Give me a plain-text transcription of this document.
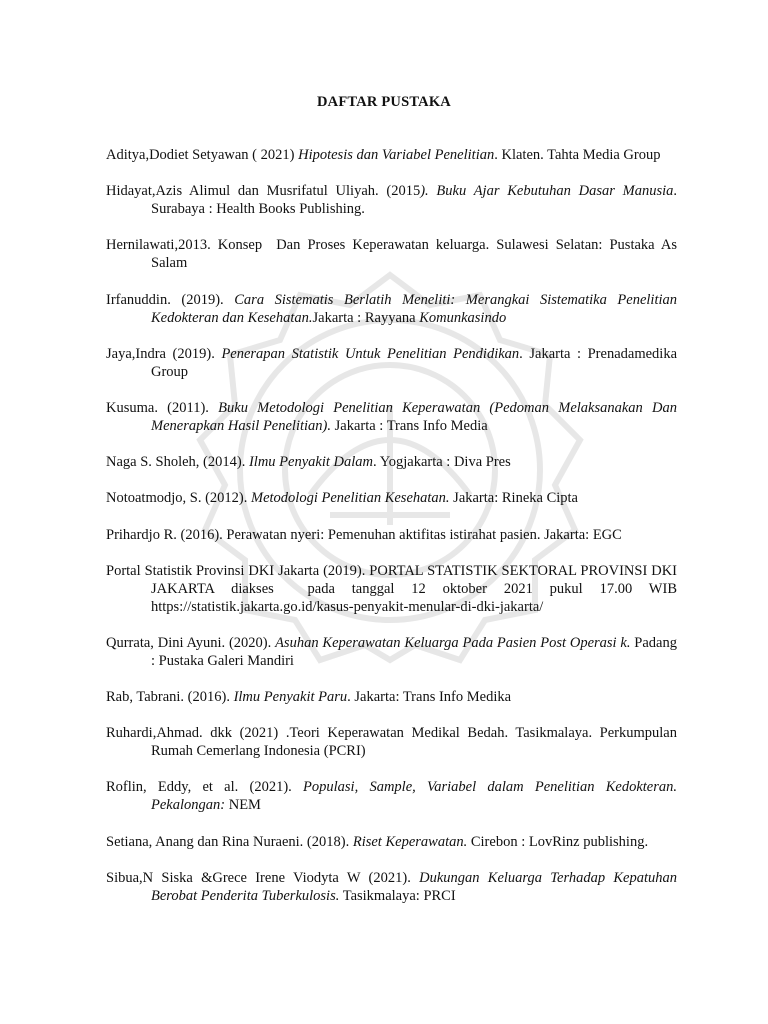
DAFTAR PUSTAKA
Aditya,Dodiet Setyawan ( 2021) Hipotesis dan Variabel Penelitian. Klaten. Tahta Media Group
Hidayat,Azis Alimul dan Musrifatul Uliyah. (2015). Buku Ajar Kebutuhan Dasar Manusia. Surabaya : Health Books Publishing.
Hernilawati,2013. Konsep  Dan Proses Keperawatan keluarga. Sulawesi Selatan: Pustaka As Salam
Irfanuddin. (2019). Cara Sistematis Berlatih Meneliti: Merangkai Sistematika Penelitian Kedokteran dan Kesehatan.Jakarta : Rayyana Komunkasindo
Jaya,Indra (2019). Penerapan Statistik Untuk Penelitian Pendidikan. Jakarta : Prenadamedika Group
Kusuma. (2011). Buku Metodologi Penelitian Keperawatan (Pedoman Melaksanakan Dan Menerapkan Hasil Penelitian). Jakarta : Trans Info Media
Naga S. Sholeh, (2014). Ilmu Penyakit Dalam. Yogjakarta : Diva Pres
Notoatmodjo, S. (2012). Metodologi Penelitian Kesehatan. Jakarta: Rineka Cipta
Prihardjo R. (2016). Perawatan nyeri: Pemenuhan aktifitas istirahat pasien. Jakarta: EGC
Portal Statistik Provinsi DKI Jakarta (2019). PORTAL STATISTIK SEKTORAL PROVINSI DKI JAKARTA diakses  pada tanggal 12 oktober 2021 pukul 17.00 WIB https://statistik.jakarta.go.id/kasus-penyakit-menular-di-dki-jakarta/
Qurrata, Dini Ayuni. (2020). Asuhan Keperawatan Keluarga Pada Pasien Post Operasi k. Padang : Pustaka Galeri Mandiri
Rab, Tabrani. (2016). Ilmu Penyakit Paru. Jakarta: Trans Info Medika
Ruhardi,Ahmad. dkk (2021) .Teori Keperawatan Medikal Bedah. Tasikmalaya. Perkumpulan Rumah Cemerlang Indonesia (PCRI)
Roflin, Eddy, et al. (2021). Populasi, Sample, Variabel dalam Penelitian Kedokteran. Pekalongan: NEM
Setiana, Anang dan Rina Nuraeni. (2018). Riset Keperawatan. Cirebon : LovRinz publishing.
Sibua,N Siska &Grece Irene Viodyta W (2021). Dukungan Keluarga Terhadap Kepatuhan Berobat Penderita Tuberkulosis. Tasikmalaya: PRCI
